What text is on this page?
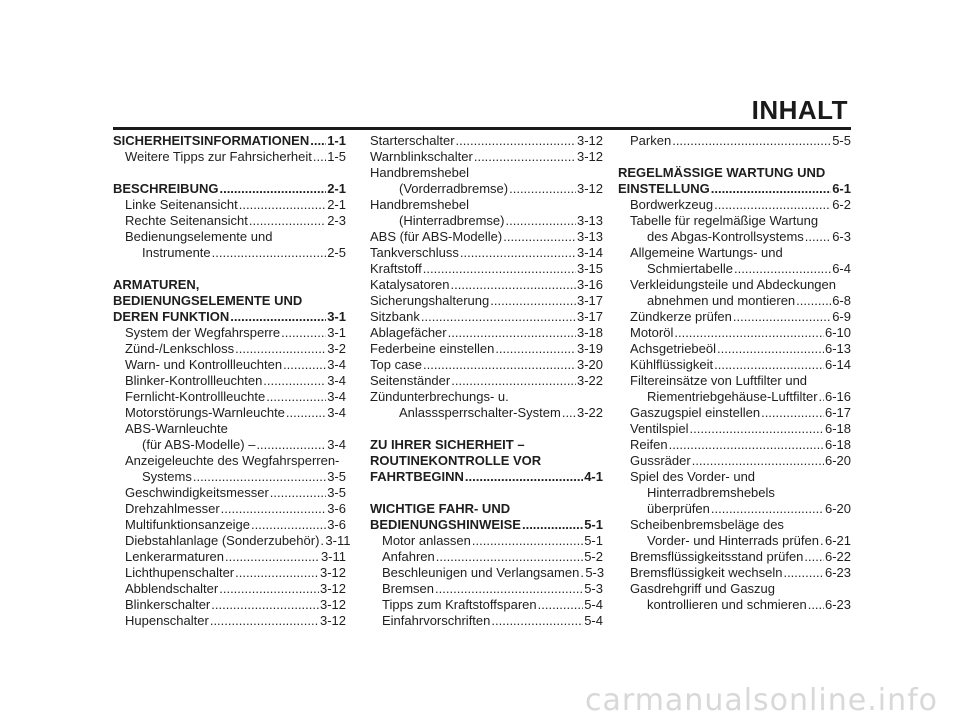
INHALT
SICHERHEITSINFORMATIONEN ..... 1-1
Weitere Tipps zur Fahrsicherheit ..... 1-5
BESCHREIBUNG .....	2-1
Linke Seitenansicht .....	2-1
Rechte Seitenansicht .....	2-3
Bedienungselemente und
Instrumente .....	2-5
ARMATUREN,
BEDIENUNGSELEMENTE UND
DEREN FUNKTION .....	3-1
System der Wegfahrsperre .....	3-1
Zünd-/Lenkschloss .....	3-2
Warn- und Kontrollleuchten .....	3-4
Blinker-Kontrollleuchten .....	3-4
Fernlicht-Kontrollleuchte .....	3-4
Motorstörungs-Warnleuchte .....	3-4
ABS-Warnleuchte
(für ABS-Modelle) – .....	3-4
Anzeigeleuchte des Wegfahrsperren-
Systems .....	3-5
Geschwindigkeitsmesser .....	3-5
Drehzahlmesser .....	3-6
Multifunktionsanzeige .....	3-6
Diebstahlanlage (Sonderzubehör) ..... 3-11
Lenkerarmaturen .....	3-11
Lichthupenschalter .....	3-12
Abblendschalter .....	3-12
Blinkerschalter .....	3-12
Hupenschalter .....	3-12
Starterschalter .....	3-12
Warnblinkschalter .....	3-12
Handbremshebel
(Vorderradbremse) .....	3-12
Handbremshebel
(Hinterradbremse) .....	3-13
ABS (für ABS-Modelle) .....	3-13
Tankverschluss .....	3-14
Kraftstoff .....	3-15
Katalysatoren .....	3-16
Sicherungshalterung .....	3-17
Sitzbank .....	3-17
Ablagefächer .....	3-18
Federbeine einstellen .....	3-19
Top case .....	3-20
Seitenständer .....	3-22
Zündunterbrechungs- u.
Anlasssperrschalter-System ..... 3-22
ZU IHRER SICHERHEIT –
ROUTINEKONTROLLE VOR
FAHRTBEGINN .....	4-1
WICHTIGE FAHR- UND
BEDIENUNGSHINWEISE .....	5-1
Motor anlassen .....	5-1
Anfahren .....	5-2
Beschleunigen und Verlangsamen ..... 5-3
Bremsen .....	5-3
Tipps zum Kraftstoffsparen .....	5-4
Einfahrvorschriften .....	5-4
Parken .....	5-5
REGELMÄSSIGE WARTUNG UND
EINSTELLUNG .....	6-1
Bordwerkzeug .....	6-2
Tabelle für regelmäßige Wartung
des Abgas-Kontrollsystems ..... 6-3
Allgemeine Wartungs- und
Schmiertabelle .....	6-4
Verkleidungsteile und Abdeckungen
abnehmen und montieren .....	6-8
Zündkerze prüfen .....	6-9
Motoröl .....	6-10
Achsgetriebeöl .....	6-13
Kühlflüssigkeit .....	6-14
Filtereinsätze von Luftfilter und
Riementriebgehäuse-Luftfilter ..... 6-16
Gaszugspiel einstellen .....	6-17
Ventilspiel .....	6-18
Reifen .....	6-18
Gussräder .....	6-20
Spiel des Vorder- und
Hinterradbremshebels
überprüfen .....	6-20
Scheibenbremsbeläge des
Vorder- und Hinterrads prüfen ..... 6-21
Bremsflüssigkeitsstand prüfen ..... 6-22
Bremsflüssigkeit wechseln .....	6-23
Gasdrehgriff und Gaszug
kontrollieren und schmieren ..... 6-23
carmanualsonline.info
